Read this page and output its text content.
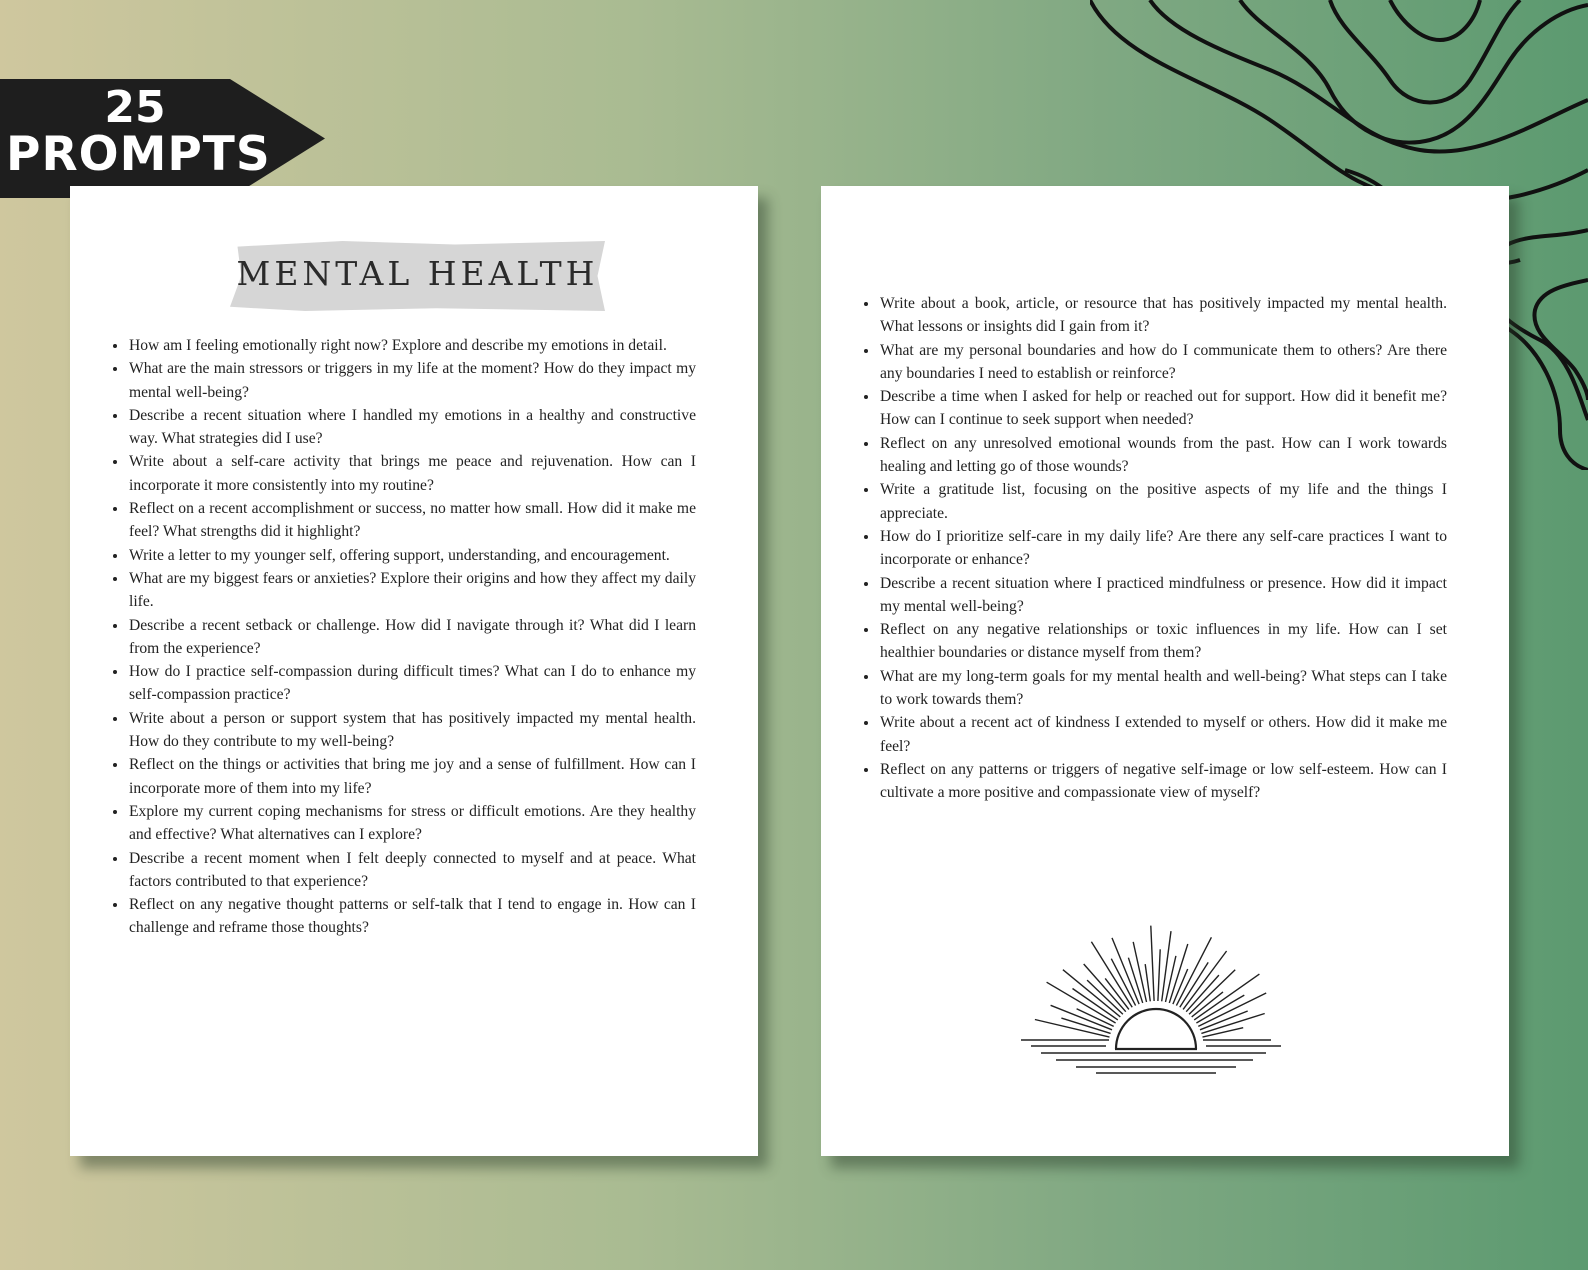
25
PROMPTS
MENTAL HEALTH
• How am I feeling emotionally right now? Explore and describe my emotions in detail.
• What are the main stressors or triggers in my life at the moment? How do they impact my mental well-being?
• Describe a recent situation where I handled my emotions in a healthy and constructive way. What strategies did I use?
• Write about a self-care activity that brings me peace and rejuvenation. How can I incorporate it more consistently into my routine?
• Reflect on a recent accomplishment or success, no matter how small. How did it make me feel? What strengths did it highlight?
• Write a letter to my younger self, offering support, understanding, and encouragement.
• What are my biggest fears or anxieties? Explore their origins and how they affect my daily life.
• Describe a recent setback or challenge. How did I navigate through it? What did I learn from the experience?
• How do I practice self-compassion during difficult times? What can I do to enhance my self-compassion practice?
• Write about a person or support system that has positively impacted my mental health. How do they contribute to my well-being?
• Reflect on the things or activities that bring me joy and a sense of fulfillment. How can I incorporate more of them into my life?
• Explore my current coping mechanisms for stress or difficult emotions. Are they healthy and effective? What alternatives can I explore?
• Describe a recent moment when I felt deeply connected to myself and at peace. What factors contributed to that experience?
• Reflect on any negative thought patterns or self-talk that I tend to engage in. How can I challenge and reframe those thoughts?
• Write about a book, article, or resource that has positively impacted my mental health. What lessons or insights did I gain from it?
• What are my personal boundaries and how do I communicate them to others? Are there any boundaries I need to establish or reinforce?
• Describe a time when I asked for help or reached out for support. How did it benefit me? How can I continue to seek support when needed?
• Reflect on any unresolved emotional wounds from the past. How can I work towards healing and letting go of those wounds?
• Write a gratitude list, focusing on the positive aspects of my life and the things I appreciate.
• How do I prioritize self-care in my daily life? Are there any self-care practices I want to incorporate or enhance?
• Describe a recent situation where I practiced mindfulness or presence. How did it impact my mental well-being?
• Reflect on any negative relationships or toxic influences in my life. How can I set healthier boundaries or distance myself from them?
• What are my long-term goals for my mental health and well-being? What steps can I take to work towards them?
• Write about a recent act of kindness I extended to myself or others. How did it make me feel?
• Reflect on any patterns or triggers of negative self-image or low self-esteem. How can I cultivate a more positive and compassionate view of myself?
